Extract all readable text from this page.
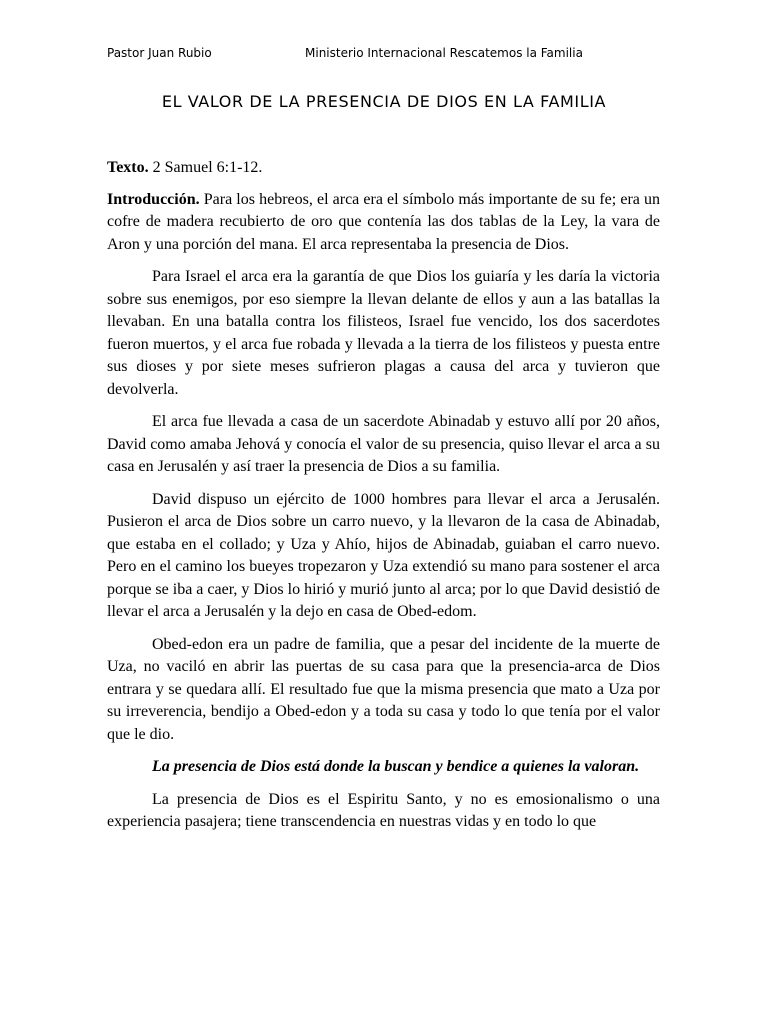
Pastor Juan Rubio	Ministerio Internacional Rescatemos la Familia
EL VALOR DE LA PRESENCIA DE DIOS EN LA FAMILIA

Texto. 2 Samuel 6:1-12.

Introducción. Para los hebreos, el arca era el símbolo más importante de su fe; era un cofre de madera recubierto de oro que contenía las dos tablas de la Ley, la vara de Aron y una porción del mana. El arca representaba la presencia de Dios.

Para Israel el arca era la garantía de que Dios los guiaría y les daría la victoria sobre sus enemigos, por eso siempre la llevan delante de ellos y aun a las batallas la llevaban. En una batalla contra los filisteos, Israel fue vencido, los dos sacerdotes fueron muertos, y el arca fue robada y llevada a la tierra de los filisteos y puesta entre sus dioses y por siete meses sufrieron plagas a causa del arca y tuvieron que devolverla.

El arca fue llevada a casa de un sacerdote Abinadab y estuvo allí por 20 años, David como amaba Jehová y conocía el valor de su presencia, quiso llevar el arca a su casa en Jerusalén y así traer la presencia de Dios a su familia.

David dispuso un ejército de 1000 hombres para llevar el arca a Jerusalén. Pusieron el arca de Dios sobre un carro nuevo, y la llevaron de la casa de Abinadab, que estaba en el collado; y Uza y Ahío, hijos de Abinadab, guiaban el carro nuevo. Pero en el camino los bueyes tropezaron y Uza extendió su mano para sostener el arca porque se iba a caer, y Dios lo hirió y murió junto al arca; por lo que David desistió de llevar el arca a Jerusalén y la dejo en casa de Obed-edom.

Obed-edon era un padre de familia, que a pesar del incidente de la muerte de Uza, no vaciló en abrir las puertas de su casa para que la presencia-arca de Dios entrara y se quedara allí. El resultado fue que la misma presencia que mato a Uza por su irreverencia, bendijo a Obed-edon y a toda su casa y todo lo que tenía por el valor que le dio.

La presencia de Dios está donde la buscan y bendice a quienes la valoran.

La presencia de Dios es el Espiritu Santo, y no es emosionalismo o una experiencia pasajera; tiene transcendencia en nuestras vidas y en todo lo que
